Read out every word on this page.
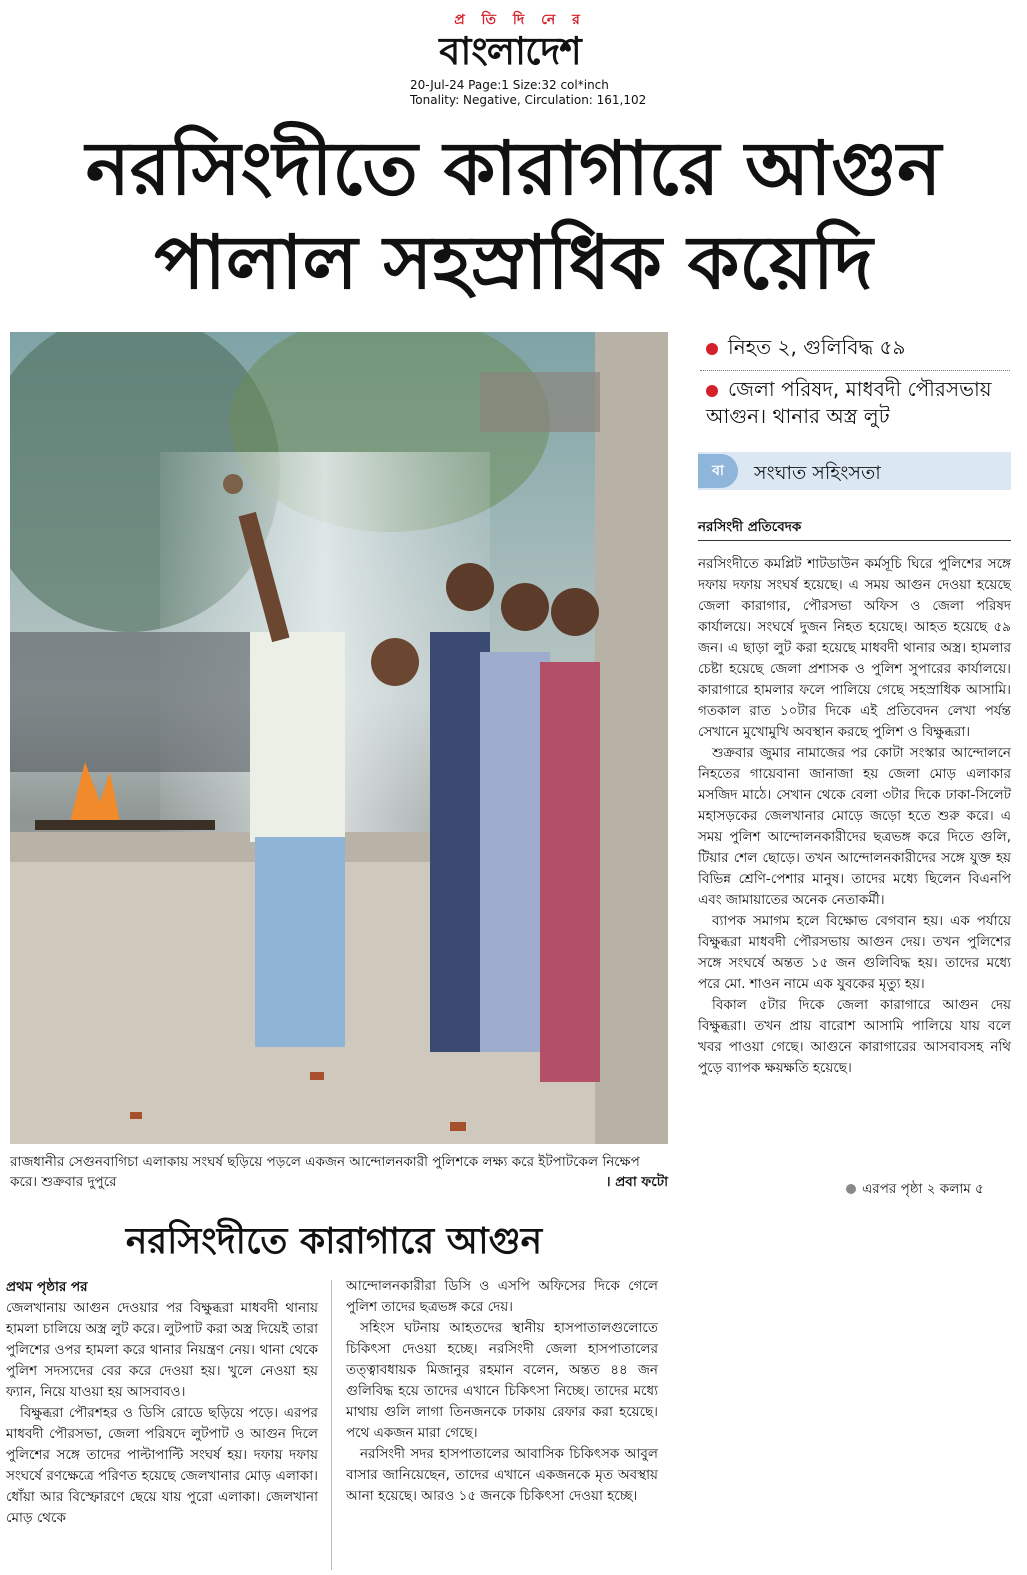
প্র তি দি নে র
বাংলাদেশ
20-Jul-24 Page:1 Size:32 col*inch
Tonality: Negative, Circulation: 161,102
নরসিংদীতে কারাগারে আগুন
পালাল সহস্রাধিক কয়েদি
রাজধানীর সেগুনবাগিচা এলাকায় সংঘর্ষ ছড়িয়ে পড়লে একজন আন্দোলনকারী পুলিশকে লক্ষ্য করে ইটপাটকেল নিক্ষেপ করে। শুক্রবার দুপুরে	। প্রবা ফটো
নিহত ২, গুলিবিদ্ধ ৫৯
জেলা পরিষদ, মাধবদী পৌরসভায় আগুন। থানার অস্ত্র লুট
বা	সংঘাত সহিংসতা
নরসিংদী প্রতিবেদক

নরসিংদীতে কমপ্লিট শাটডাউন কর্মসূচি ঘিরে পুলিশের সঙ্গে দফায় দফায় সংঘর্ষ হয়েছে। এ সময় আগুন দেওয়া হয়েছে জেলা কারাগার, পৌরসভা অফিস ও জেলা পরিষদ কার্যালয়ে। সংঘর্ষে দুজন নিহত হয়েছে। আহত হয়েছে ৫৯ জন। এ ছাড়া লুট করা হয়েছে মাধবদী থানার অস্ত্র। হামলার চেষ্টা হয়েছে জেলা প্রশাসক ও পুলিশ সুপারের কার্যালয়ে। কারাগারে হামলার ফলে পালিয়ে গেছে সহস্রাধিক আসামি। গতকাল রাত ১০টার দিকে এই প্রতিবেদন লেখা পর্যন্ত সেখানে মুখোমুখি অবস্থান করছে পুলিশ ও বিক্ষুব্ধরা।

শুক্রবার জুমার নামাজের পর কোটা সংস্কার আন্দোলনে নিহতের গায়েবানা জানাজা হয় জেলা মোড় এলাকার মসজিদ মাঠে। সেখান থেকে বেলা ৩টার দিকে ঢাকা-সিলেট মহাসড়কের জেলখানার মোড়ে জড়ো হতে শুরু করে। এ সময় পুলিশ আন্দোলনকারীদের ছত্রভঙ্গ করে দিতে গুলি, টিয়ার শেল ছোড়ে। তখন আন্দোলনকারীদের সঙ্গে যুক্ত হয় বিভিন্ন শ্রেণি-পেশার মানুষ। তাদের মধ্যে ছিলেন বিএনপি এবং জামায়াতের অনেক নেতাকর্মী।

ব্যাপক সমাগম হলে বিক্ষোভ বেগবান হয়। এক পর্যায়ে বিক্ষুব্ধরা মাধবদী পৌরসভায় আগুন দেয়। তখন পুলিশের সঙ্গে সংঘর্ষে অন্তত ১৫ জন গুলিবিদ্ধ হয়। তাদের মধ্যে পরে মো. শাওন নামে এক যুবকের মৃত্যু হয়।

বিকাল ৫টার দিকে জেলা কারাগারে আগুন দেয় বিক্ষুব্ধরা। তখন প্রায় বারোশ আসামি পালিয়ে যায় বলে খবর পাওয়া গেছে। আগুনে কারাগারের আসবাবসহ নথি পুড়ে ব্যাপক ক্ষয়ক্ষতি হয়েছে।

এরপর পৃষ্ঠা ২ কলাম ৫
নরসিংদীতে কারাগারে আগুন
প্রথম পৃষ্ঠার পর

জেলখানায় আগুন দেওয়ার পর বিক্ষুব্ধরা মাধবদী থানায় হামলা চালিয়ে অস্ত্র লুট করে। লুটপাট করা অস্ত্র দিয়েই তারা পুলিশের ওপর হামলা করে থানার নিয়ন্ত্রণ নেয়। থানা থেকে পুলিশ সদস্যদের বের করে দেওয়া হয়। খুলে নেওয়া হয় ফ্যান, নিয়ে যাওয়া হয় আসবাবও।

বিক্ষুব্ধরা পৌরশহর ও ডিসি রোডে ছড়িয়ে পড়ে। এরপর মাধবদী পৌরসভা, জেলা পরিষদে লুটপাট ও আগুন দিলে পুলিশের সঙ্গে তাদের পাল্টাপাল্টি সংঘর্ষ হয়। দফায় দফায় সংঘর্ষে রণক্ষেত্রে পরিণত হয়েছে জেলখানার মোড় এলাকা। ধোঁয়া আর বিস্ফোরণে ছেয়ে যায় পুরো এলাকা। জেলখানা মোড় থেকে

আন্দোলনকারীরা ডিসি ও এসপি অফিসের দিকে গেলে পুলিশ তাদের ছত্রভঙ্গ করে দেয়।

সহিংস ঘটনায় আহতদের স্থানীয় হাসপাতালগুলোতে চিকিৎসা দেওয়া হচ্ছে। নরসিংদী জেলা হাসপাতালের তত্ত্বাবধায়ক মিজানুর রহমান বলেন, অন্তত ৪৪ জন গুলিবিদ্ধ হয়ে তাদের এখানে চিকিৎসা নিচ্ছে। তাদের মধ্যে মাথায় গুলি লাগা তিনজনকে ঢাকায় রেফার করা হয়েছে। পথে একজন মারা গেছে।

নরসিংদী সদর হাসপাতালের আবাসিক চিকিৎসক আবুল বাসার জানিয়েছেন, তাদের এখানে একজনকে মৃত অবস্থায় আনা হয়েছে। আরও ১৫ জনকে চিকিৎসা দেওয়া হচ্ছে।
